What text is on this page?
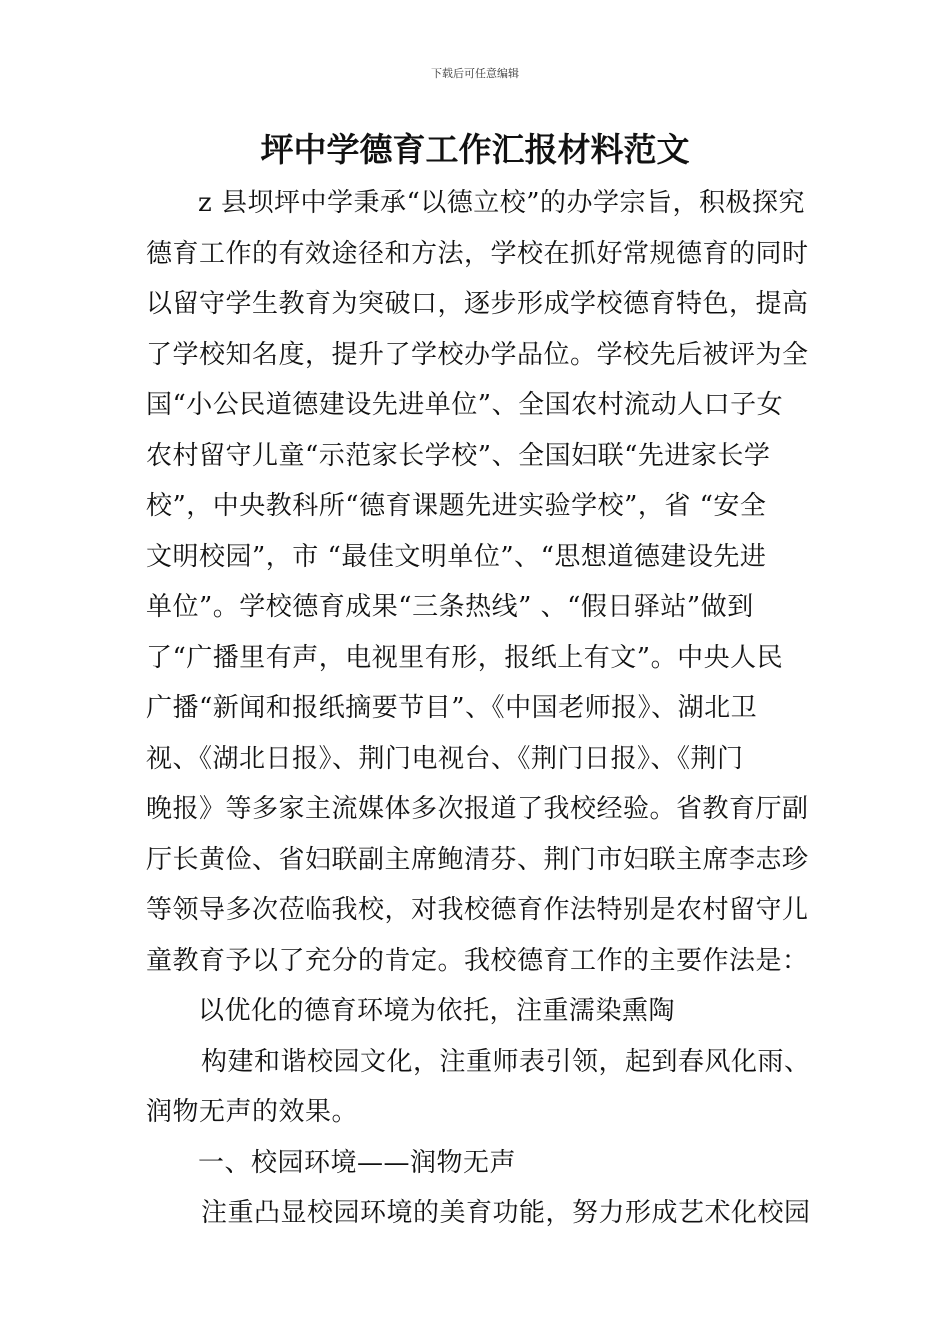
下载后可任意编辑
坪中学德育工作汇报材料范文

z 县坝坪中学秉承“以德立校”的办学宗旨，积极探究

德育工作的有效途径和方法，学校在抓好常规德育的同时

以留守学生教育为突破口，逐步形成学校德育特色，提高

了学校知名度，提升了学校办学品位。学校先后被评为全

国“小公民道德建设先进单位”、全国农村流动人口子女

农村留守儿童“示范家长学校”、全国妇联“先进家长学

校”，中央教科所“德育课题先进实验学校”，省 “安全

文明校园”，市 “最佳文明单位”、“思想道德建设先进

单位”。学校德育成果“三条热线” 、“假日驿站”做到

了“广播里有声，电视里有形，报纸上有文”。中央人民

广播“新闻和报纸摘要节目”、《中国老师报》、湖北卫

视、《湖北日报》、荆门电视台、《荆门日报》、《荆门

晚报》等多家主流媒体多次报道了我校经验。省教育厅副

厅长黄俭、省妇联副主席鲍清芬、荆门市妇联主席李志珍

等领导多次莅临我校，对我校德育作法特别是农村留守儿

童教育予以了充分的肯定。我校德育工作的主要作法是：

以优化的德育环境为依托，注重濡染熏陶

构建和谐校园文化，注重师表引领，起到春风化雨、

润物无声的效果。

一、校园环境——润物无声

注重凸显校园环境的美育功能，努力形成艺术化校园
